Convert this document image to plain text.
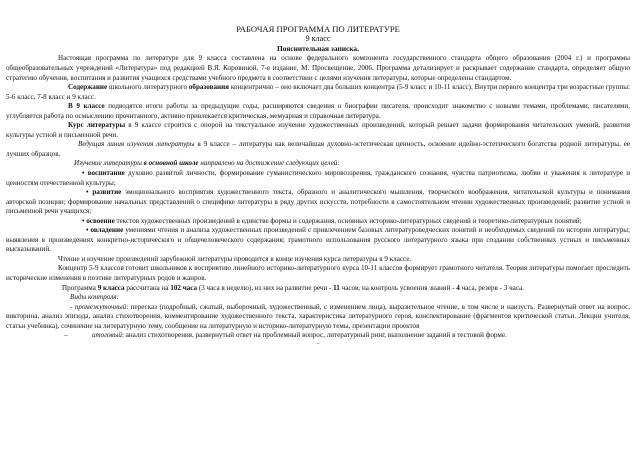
РАБОЧАЯ ПРОГРАММА ПО ЛИТЕРАТУРЕ

9 класс

Пояснительная записка.

Настоящая программа по литературе для 9 класса составлена на основе федерального компонента государственного стандарта общего образования (2004 г.) и программы общеобразовательных учреждений «Литература» под редакцией В.Я. Коровиной, 7-е издание, М. Просвещение, 2006. Программа детализирует и раскрывает содержание стандарта, определяет общую стратегию обучения, воспитания и развития учащихся средствами учебного предмета в соответствии с целями изучения литературы, которые определены стандартом.

Содержание школьного литературного образования концентрично – оно включает два больших концентра (5-9 класс и 10-11 класс). Внутри первого концентра три возрастные группы: 5-6 класс, 7-8 класс и 9 класс.

В 9 классе подводятся итоги работы за предыдущие годы, расширяются сведения о биографии писателя, происходит знакомство с новыми темами, проблемами, писателями, углубляется работа по осмыслению прочитанного, активно привлекается критическая, мемуарная и справочная литература.

Курс литературы в 9 классе строится с опорой на текстуальное изучение художественных произведений, который решает задачи формирования читательских умений, развития культуры устной и письменной речи.

Ведущая линия изучения литературы в 9 классе – литература как величайшая духовно-эстетическая ценность, освоение идейно-эстетического богатства родной литературы, ее лучших образцов.

Изучение литературы в основной школе направлено на достижение следующих целей:

• воспитание духовно развитой личности, формирование гуманистического мировоззрения, гражданского сознания, чувства патриотизма, любви и уважения к литературе и ценностям отечественной культуры;

• развитие эмоционального восприятия художественного текста, образного и аналитического мышления, творческого воображения, читательской культуры и понимания авторской позиции; формирование начальных представлений о специфике литературы в ряду других искусств, потребности в самостоятельном чтении художественных произведений; развитие устной и письменной речи учащихся;

• освоение текстов художественных произведений в единстве формы и содержания, основных историко-литературных сведений и теоретико-литературных понятий;

• овладение умениями чтения и анализа художественных произведений с привлечением базовых литературоведческих понятий и необходимых сведений по истории литературы; выявления в произведениях конкретно-исторического и общечеловеческого содержания; грамотного использования русского литературного языка при создании собственных устных и письменных высказываний.

Чтение и изучение произведений зарубежной литературы проводится в конце изучения курса литературы в 9 классе.

Концентр 5-9 классов готовит школьников к восприятию линейного историко-литературного курса 10-11 классов формирует грамотного читателя. Теория литературы помогает проследить исторические изменения в поэтике литературных родов и жанров.

Программа 9 класса рассчитана на 102 часа (3 часа в неделю), из них на развитие речи - 11 часов, на контроль усвоения знаний - 4 часа, резерв - 3 часа.

Виды контроля:

- промежуточный: пересказ (подробный, сжатый, выборочный, художественный, с изменением лица), выразительное чтение, в том числе и наизусть. Развернутый ответ на вопрос, викторина, анализ эпизода, анализ стихотворения, комментирование художественного текста, характеристика литературного героя, конспектирование (фрагментов критической статьи. Лекции учителя, статьи учебника), сочинение на литературную тему, сообщение на литературную и историко-литературную темы, презентации проектов

–	итоговый: анализ стихотворения, развернутый ответ на проблемный вопрос, литературный ринг, выполнение заданий в тестовой форме.

–
